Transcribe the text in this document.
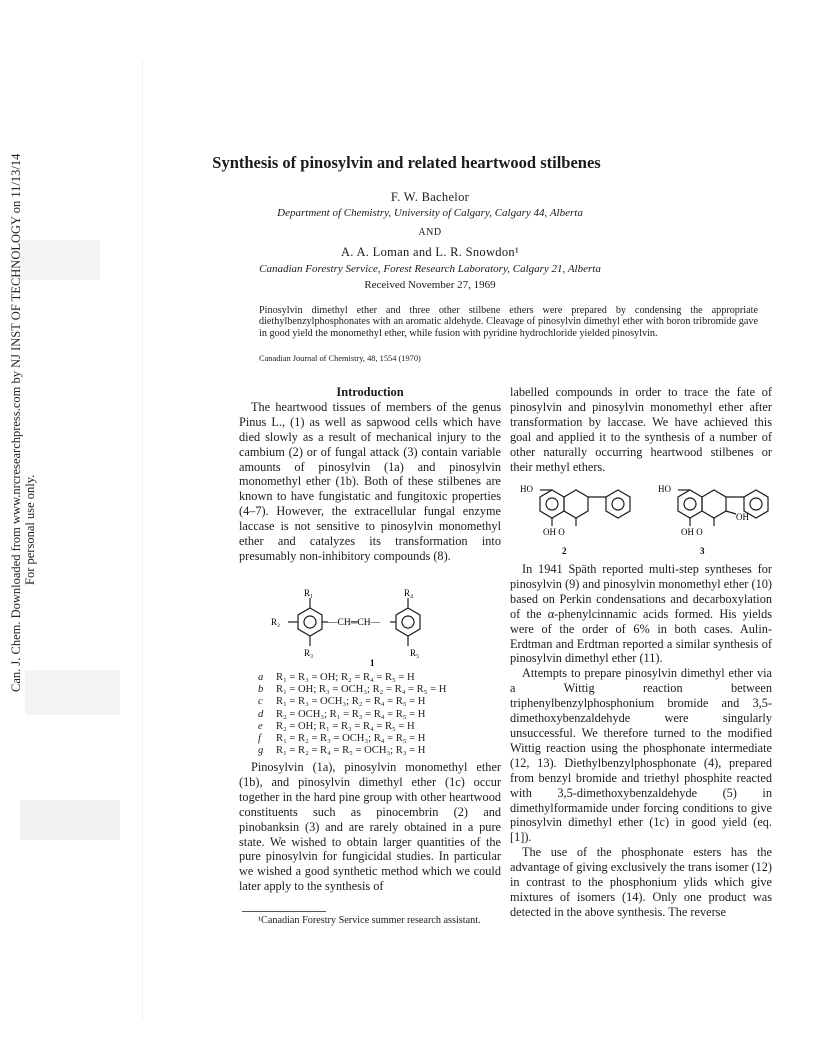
Can. J. Chem. Downloaded from www.nrcresearchpress.com by NJ INST OF TECHNOLOGY on 11/13/14 For personal use only.
Synthesis of pinosylvin and related heartwood stilbenes
F. W. Bachelor
Department of Chemistry, University of Calgary, Calgary 44, Alberta
AND
A. A. Loman and L. R. Snowdon¹
Canadian Forestry Service, Forest Research Laboratory, Calgary 21, Alberta
Received November 27, 1969
Pinosylvin dimethyl ether and three other stilbene ethers were prepared by condensing the appropriate diethylbenzylphosphonates with an aromatic aldehyde. Cleavage of pinosylvin dimethyl ether with boron tribromide gave in good yield the monomethyl ether, while fusion with pyridine hydrochloride yielded pinosylvin.
Canadian Journal of Chemistry, 48, 1554 (1970)

Introduction

The heartwood tissues of members of the genus Pinus L., (1) as well as sapwood cells which have died slowly as a result of mechanical injury to the cambium (2) or of fungal attack (3) contain variable amounts of pinosylvin (1a) and pinosylvin monomethyl ether (1b). Both of these stilbenes are known to have fungistatic and fungitoxic properties (4–7). However, the extracellular fungal enzyme laccase is not sensitive to pinosylvin monomethyl ether and catalyzes its transformation into presumably non-inhibitory compounds (8).

R₁
R₂
R₃
—CH═CH—
R₄
R₅
1
a	R₁ = R₃ = OH; R₂ = R₄ = R₅ = H
b	R₁ = OH; R₃ = OCH₃; R₂ = R₄ = R₅ = H
c	R₁ = R₃ = OCH₃; R₂ = R₄ = R₅ = H
d	R₂ = OCH₃; R₁ = R₃ = R₄ = R₅ = H
e	R₂ = OH; R₁ = R₃ = R₄ = R₅ = H
f	R₁ = R₂ = R₃ = OCH₃; R₄ = R₅ = H
g	R₁ = R₂ = R₄ = R₅ = OCH₃; R₃ = H

Pinosylvin (1a), pinosylvin monomethyl ether (1b), and pinosylvin dimethyl ether (1c) occur together in the hard pine group with other heartwood constituents such as pinocembrin (2) and pinobanksin (3) and are rarely obtained in a pure state. We wished to obtain larger quantities of the pure pinosylvin for fungicidal studies. In particular we wished a good synthetic method which we could later apply to the synthesis of

¹Canadian Forestry Service summer research assistant.

labelled compounds in order to trace the fate of pinosylvin and pinosylvin monomethyl ether after transformation by laccase. We have achieved this goal and applied it to the synthesis of a number of other naturally occurring heartwood stilbenes or their methyl ethers.

HO
OH O
2
HO
OH
OH O
3

In 1941 Späth reported multi-step syntheses for pinosylvin (9) and pinosylvin monomethyl ether (10) based on Perkin condensations and decarboxylation of the α-phenylcinnamic acids formed. His yields were of the order of 6% in both cases. Aulin-Erdtman and Erdtman reported a similar synthesis of pinosylvin dimethyl ether (11).

Attempts to prepare pinosylvin dimethyl ether via a Wittig reaction between triphenylbenzylphosphonium bromide and 3,5-dimethoxybenzaldehyde were singularly unsuccessful. We therefore turned to the modified Wittig reaction using the phosphonate intermediate (12, 13). Diethylbenzylphosphonate (4), prepared from benzyl bromide and triethyl phosphite reacted with 3,5-dimethoxybenzaldehyde (5) in dimethylformamide under forcing conditions to give pinosylvin dimethyl ether (1c) in good yield (eq. [1]).

The use of the phosphonate esters has the advantage of giving exclusively the trans isomer (12) in contrast to the phosphonium ylids which give mixtures of isomers (14). Only one product was detected in the above synthesis. The reverse
